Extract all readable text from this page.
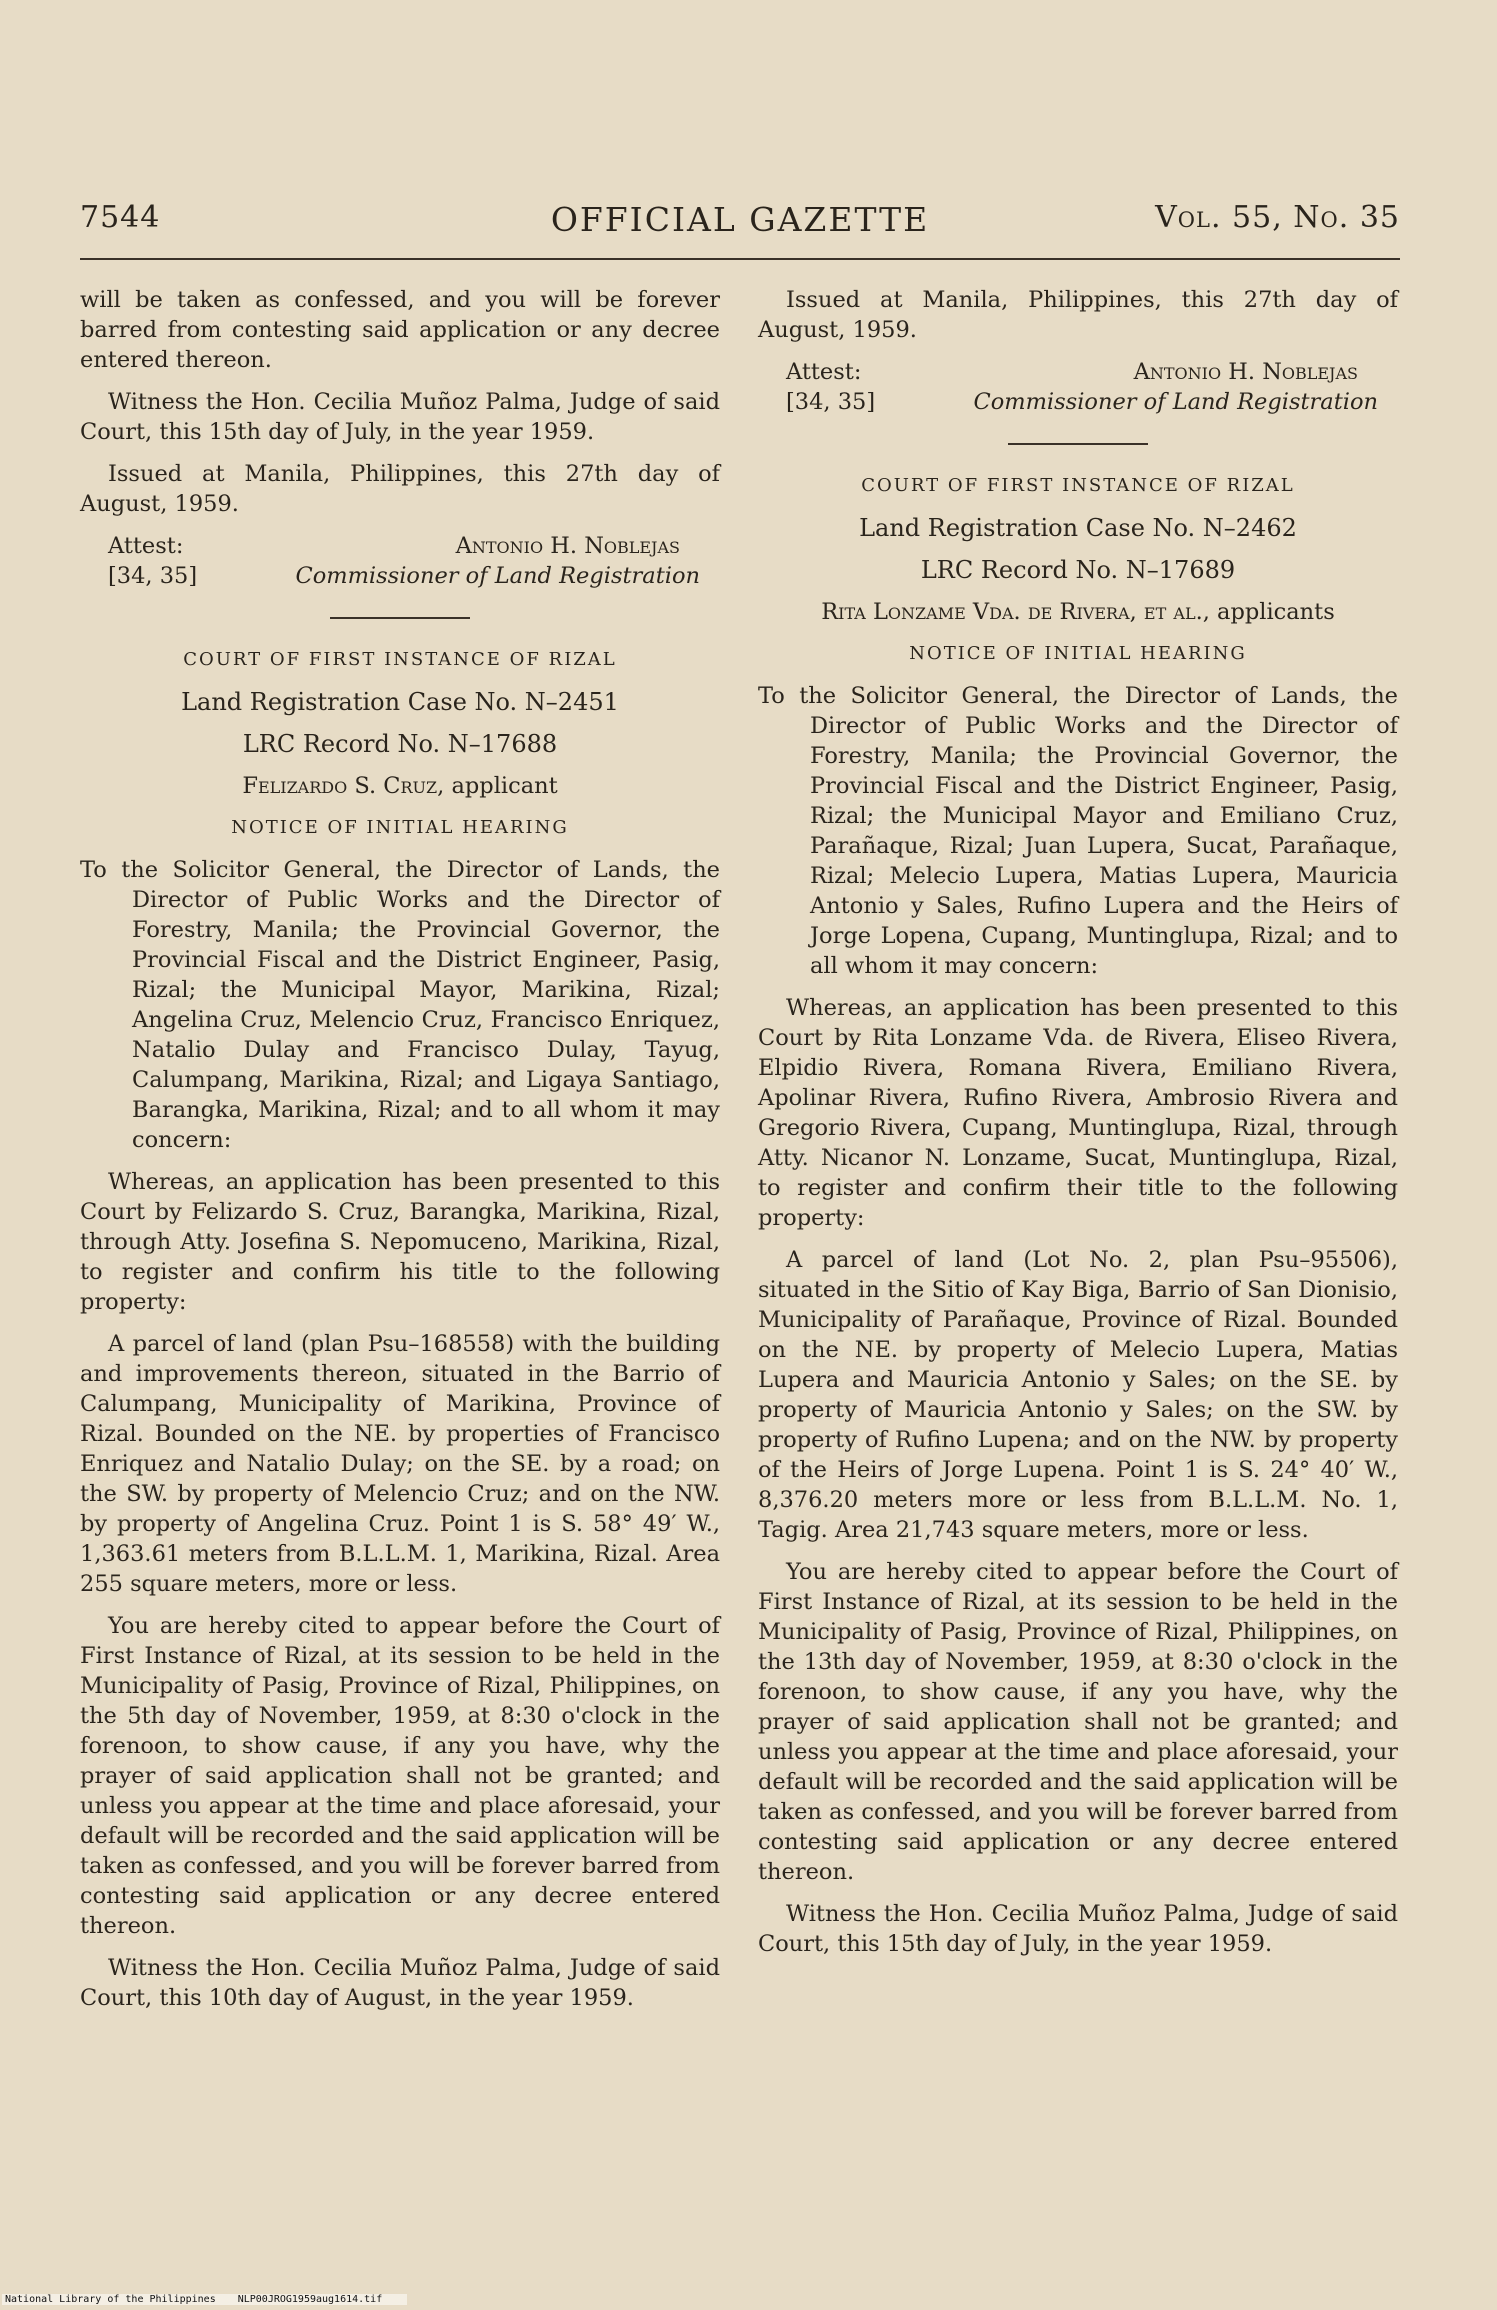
7544	OFFICIAL GAZETTE	Vol. 55, No. 35

will be taken as confessed, and you will be forever barred from contesting said application or any decree entered thereon.

Witness the Hon. Cecilia Muñoz Palma, Judge of said Court, this 15th day of July, in the year 1959.

Issued at Manila, Philippines, this 27th day of August, 1959.

Attest:	Antonio H. Noblejas
[34, 35]	Commissioner of Land Registration

COURT OF FIRST INSTANCE OF RIZAL

Land Registration Case No. N–2451

LRC Record No. N–17688

Felizardo S. Cruz, applicant

NOTICE OF INITIAL HEARING

To the Solicitor General, the Director of Lands, the Director of Public Works and the Director of Forestry, Manila; the Provincial Governor, the Provincial Fiscal and the District Engineer, Pasig, Rizal; the Municipal Mayor, Marikina, Rizal; Angelina Cruz, Melencio Cruz, Francisco Enriquez, Natalio Dulay and Francisco Dulay, Tayug, Calumpang, Marikina, Rizal; and Ligaya Santiago, Barangka, Marikina, Rizal; and to all whom it may concern:

Whereas, an application has been presented to this Court by Felizardo S. Cruz, Barangka, Marikina, Rizal, through Atty. Josefina S. Nepomuceno, Marikina, Rizal, to register and confirm his title to the following property:

A parcel of land (plan Psu–168558) with the building and improvements thereon, situated in the Barrio of Calumpang, Municipality of Marikina, Province of Rizal. Bounded on the NE. by properties of Francisco Enriquez and Natalio Dulay; on the SE. by a road; on the SW. by property of Melencio Cruz; and on the NW. by property of Angelina Cruz. Point 1 is S. 58° 49′ W., 1,363.61 meters from B.L.L.M. 1, Marikina, Rizal. Area 255 square meters, more or less.

You are hereby cited to appear before the Court of First Instance of Rizal, at its session to be held in the Municipality of Pasig, Province of Rizal, Philippines, on the 5th day of November, 1959, at 8:30 o'clock in the forenoon, to show cause, if any you have, why the prayer of said application shall not be granted; and unless you appear at the time and place aforesaid, your default will be recorded and the said application will be taken as confessed, and you will be forever barred from contesting said application or any decree entered thereon.

Witness the Hon. Cecilia Muñoz Palma, Judge of said Court, this 10th day of August, in the year 1959.

Issued at Manila, Philippines, this 27th day of August, 1959.

Attest:	Antonio H. Noblejas
[34, 35]	Commissioner of Land Registration

COURT OF FIRST INSTANCE OF RIZAL

Land Registration Case No. N–2462

LRC Record No. N–17689

Rita Lonzame Vda. de Rivera, et al., applicants

NOTICE OF INITIAL HEARING

To the Solicitor General, the Director of Lands, the Director of Public Works and the Director of Forestry, Manila; the Provincial Governor, the Provincial Fiscal and the District Engineer, Pasig, Rizal; the Municipal Mayor and Emiliano Cruz, Parañaque, Rizal; Juan Lupera, Sucat, Parañaque, Rizal; Melecio Lupera, Matias Lupera, Mauricia Antonio y Sales, Rufino Lupera and the Heirs of Jorge Lopena, Cupang, Muntinglupa, Rizal; and to all whom it may concern:

Whereas, an application has been presented to this Court by Rita Lonzame Vda. de Rivera, Eliseo Rivera, Elpidio Rivera, Romana Rivera, Emiliano Rivera, Apolinar Rivera, Rufino Rivera, Ambrosio Rivera and Gregorio Rivera, Cupang, Muntinglupa, Rizal, through Atty. Nicanor N. Lonzame, Sucat, Muntinglupa, Rizal, to register and confirm their title to the following property:

A parcel of land (Lot No. 2, plan Psu–95506), situated in the Sitio of Kay Biga, Barrio of San Dionisio, Municipality of Parañaque, Province of Rizal. Bounded on the NE. by property of Melecio Lupera, Matias Lupera and Mauricia Antonio y Sales; on the SE. by property of Mauricia Antonio y Sales; on the SW. by property of Rufino Lupena; and on the NW. by property of the Heirs of Jorge Lupena. Point 1 is S. 24° 40′ W., 8,376.20 meters more or less from B.L.L.M. No. 1, Tagig. Area 21,743 square meters, more or less.

You are hereby cited to appear before the Court of First Instance of Rizal, at its session to be held in the Municipality of Pasig, Province of Rizal, Philippines, on the 13th day of November, 1959, at 8:30 o'clock in the forenoon, to show cause, if any you have, why the prayer of said application shall not be granted; and unless you appear at the time and place aforesaid, your default will be recorded and the said application will be taken as confessed, and you will be forever barred from contesting said application or any decree entered thereon.

Witness the Hon. Cecilia Muñoz Palma, Judge of said Court, this 15th day of July, in the year 1959.

National Library of the Philippines NLP00JROG1959aug1614.tif
